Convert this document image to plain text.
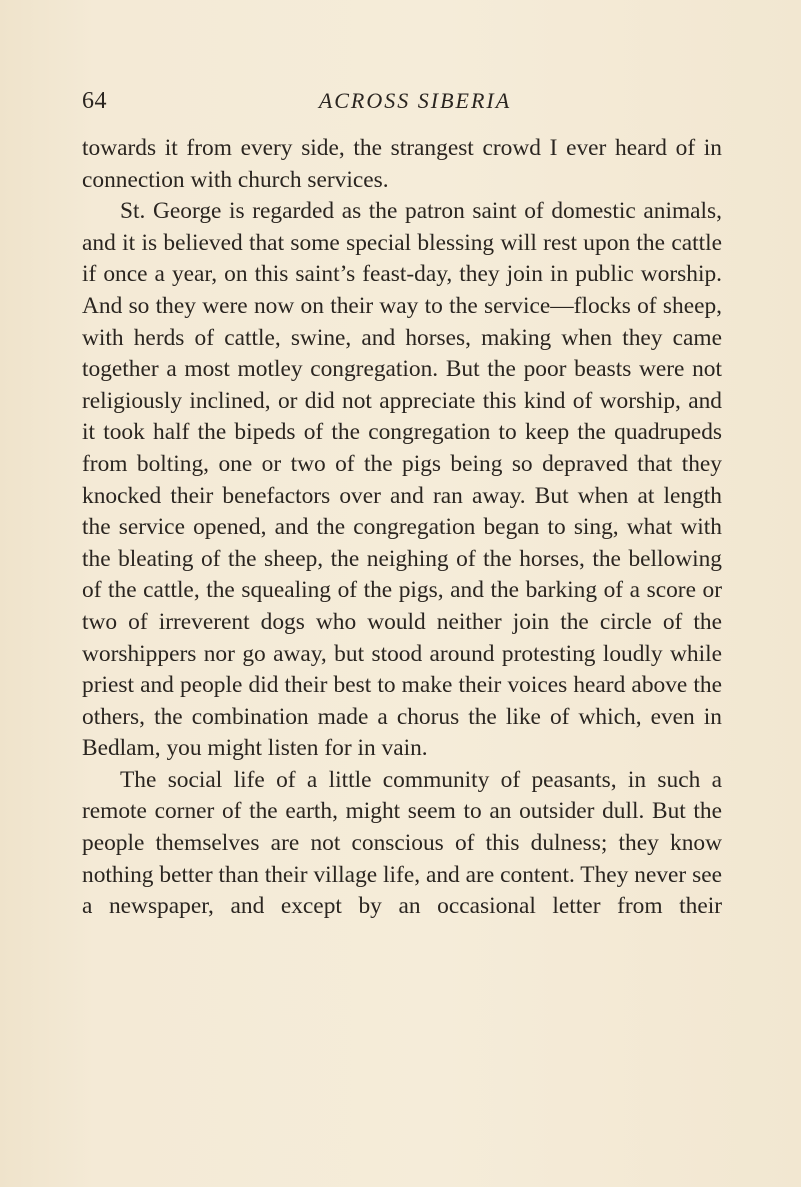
64	ACROSS SIBERIA

towards it from every side, the strangest crowd I ever heard of in connection with church services.

St. George is regarded as the patron saint of domestic animals, and it is believed that some special blessing will rest upon the cattle if once a year, on this saint’s feast-day, they join in public worship. And so they were now on their way to the service—flocks of sheep, with herds of cattle, swine, and horses, making when they came together a most motley congregation. But the poor beasts were not religiously inclined, or did not appreciate this kind of worship, and it took half the bipeds of the congregation to keep the quadrupeds from bolting, one or two of the pigs being so depraved that they knocked their benefactors over and ran away. But when at length the service opened, and the congregation began to sing, what with the bleating of the sheep, the neighing of the horses, the bellowing of the cattle, the squealing of the pigs, and the barking of a score or two of irreverent dogs who would neither join the circle of the worshippers nor go away, but stood around protesting loudly while priest and people did their best to make their voices heard above the others, the combination made a chorus the like of which, even in Bedlam, you might listen for in vain.

The social life of a little community of peasants, in such a remote corner of the earth, might seem to an outsider dull. But the people themselves are not conscious of this dulness; they know nothing better than their village life, and are content. They never see a newspaper, and except by an occasional letter from their
